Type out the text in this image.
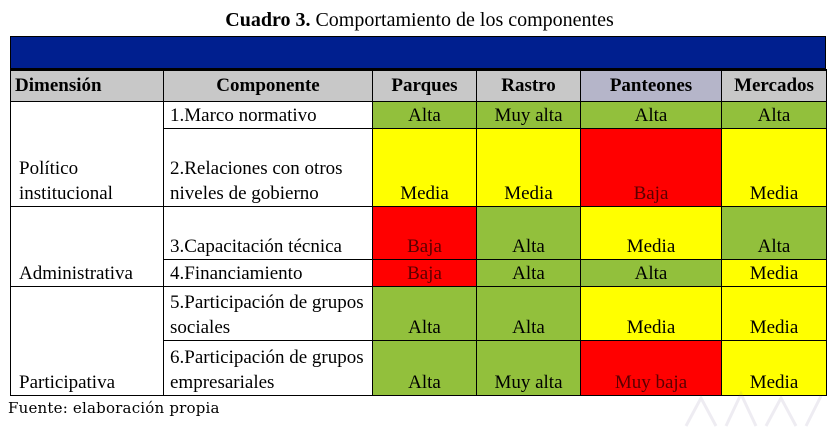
Cuadro 3. Comportamiento de los componentes
Dimensión	Componente	Parques	Rastro	Panteones	Mercados
Político institucional	1.Marco normativo	Alta	Muy alta	Alta	Alta
	2.Relaciones con otros niveles de gobierno	Media	Media	Baja	Media
Administrativa	3.Capacitación técnica	Baja	Alta	Media	Alta
	4.Financiamiento	Baja	Alta	Alta	Media
Participativa	5.Participación de grupos sociales	Alta	Alta	Media	Media
	6.Participación de grupos empresariales	Alta	Muy alta	Muy baja	Media
Fuente: elaboración propia
